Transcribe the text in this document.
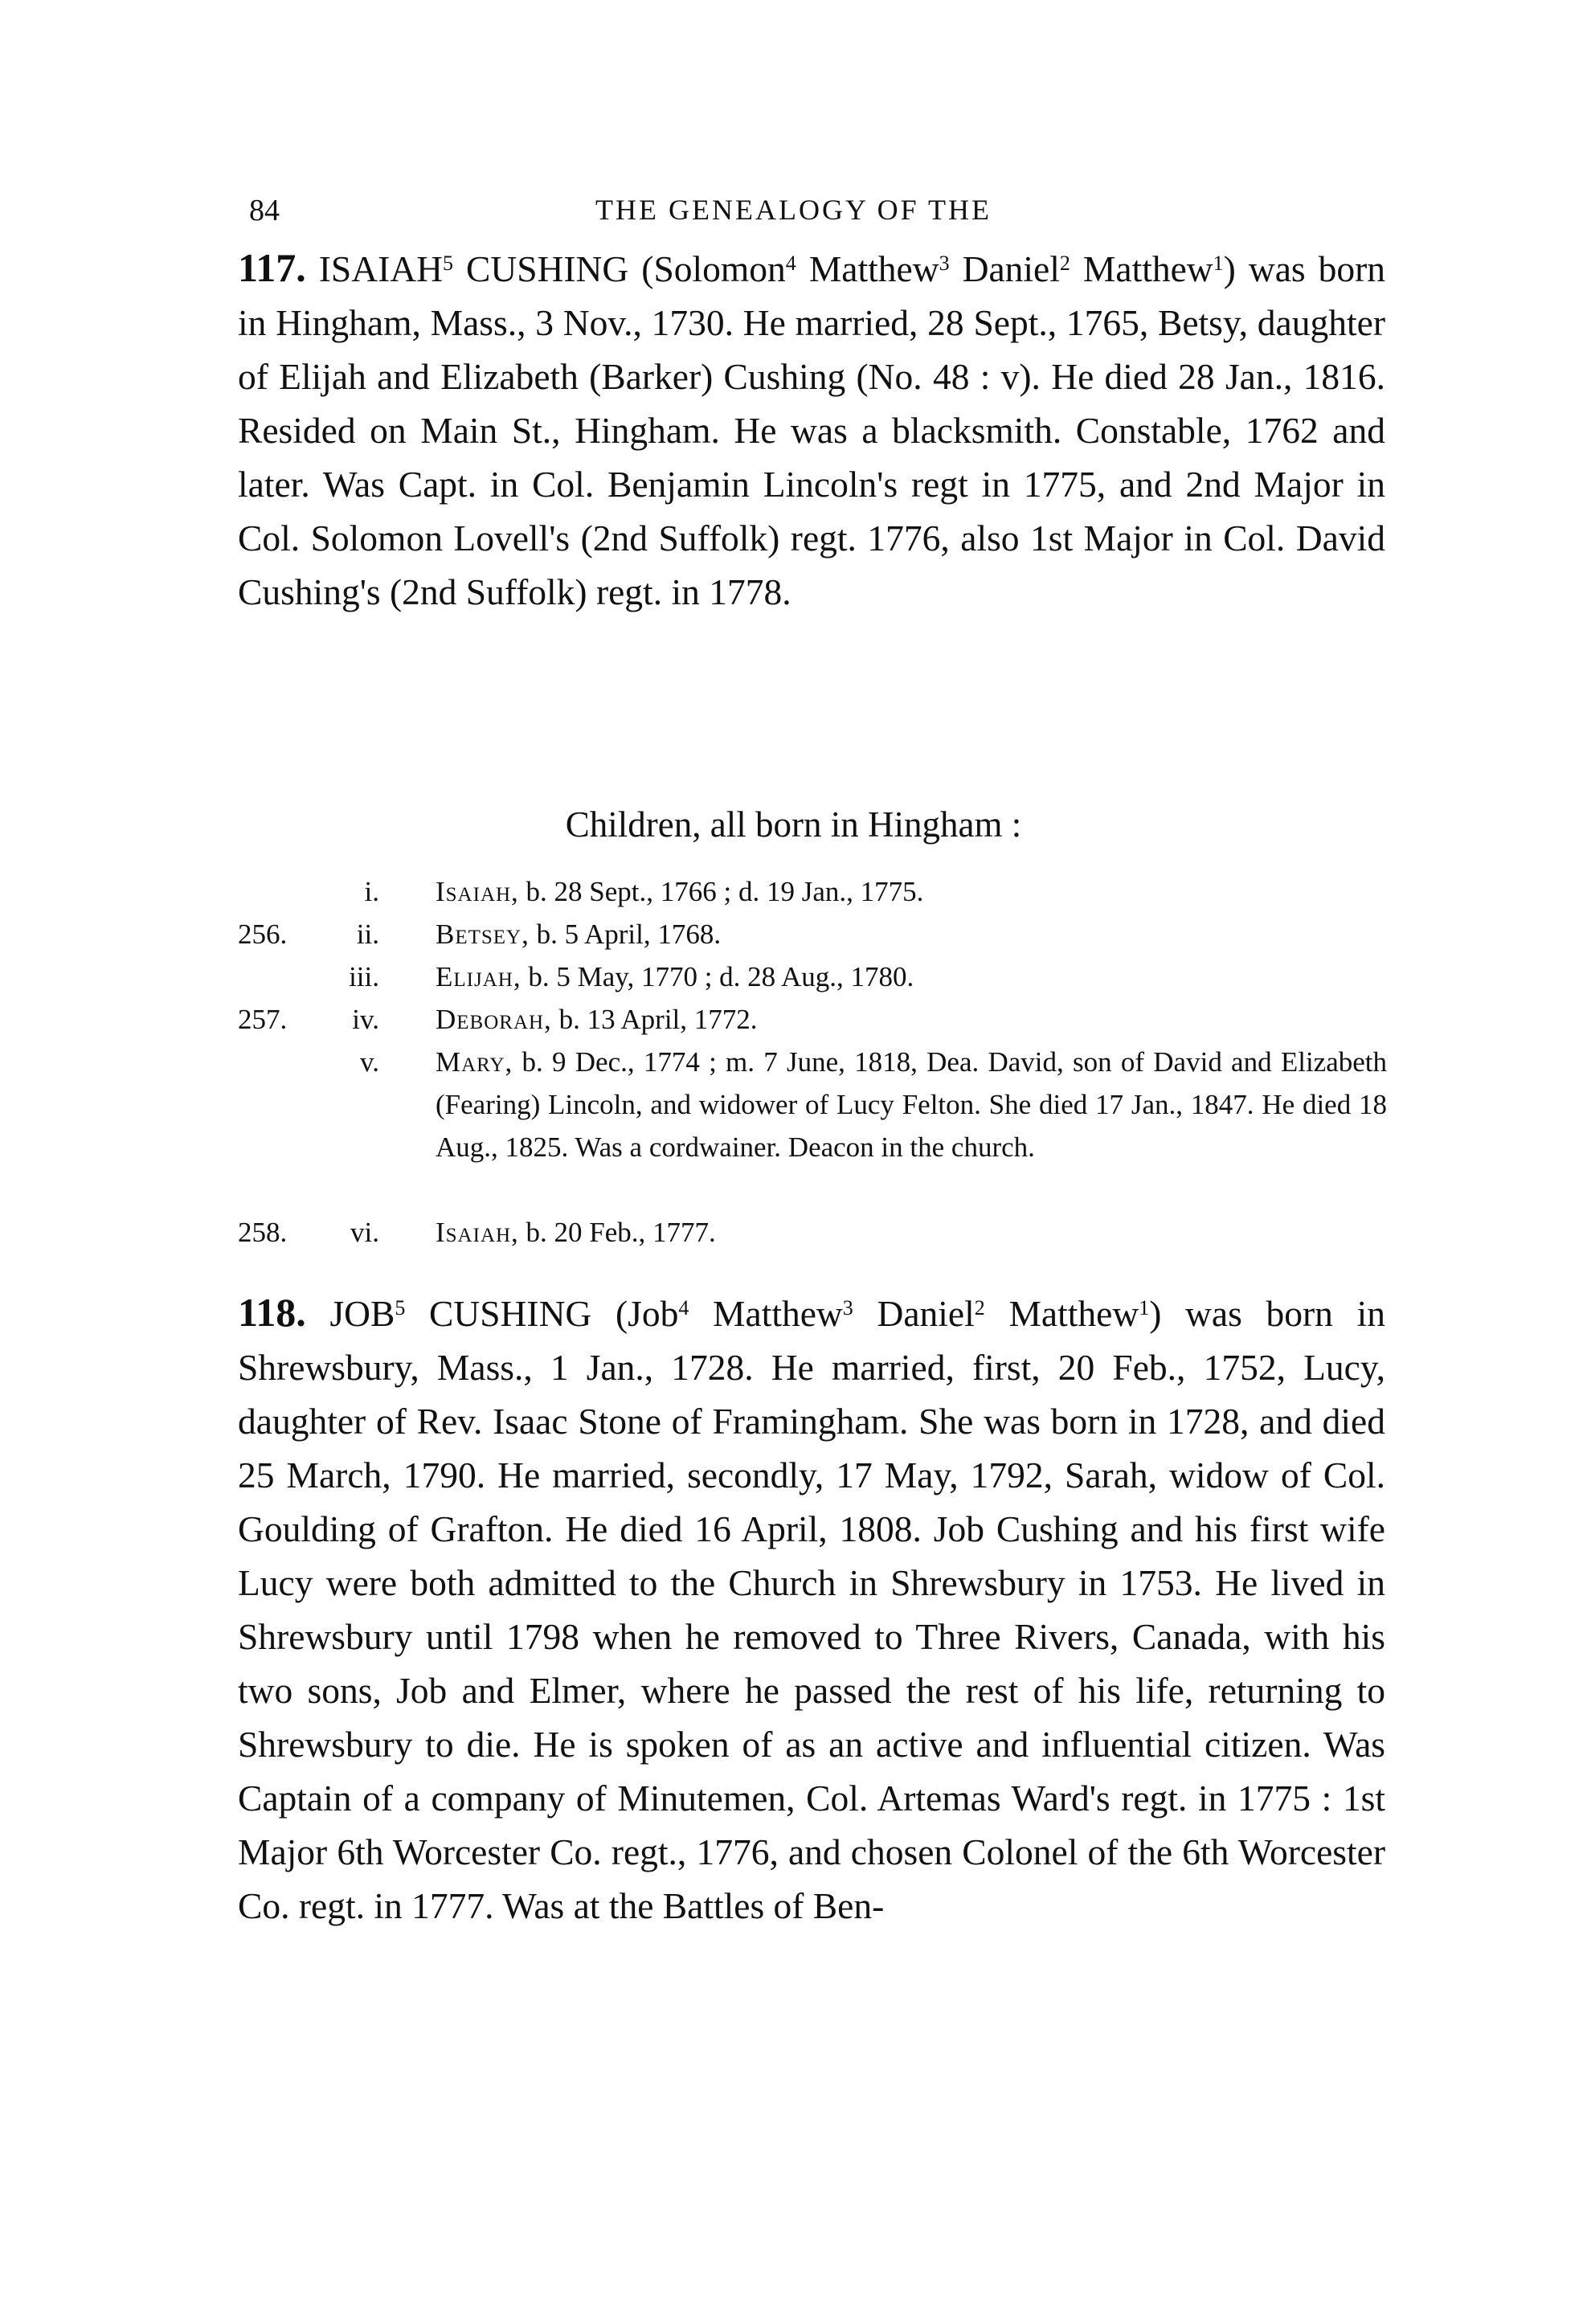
84	THE GENEALOGY OF THE
117. ISAIAH$^5$ CUSHING (Solomon$^4$ Matthew$^3$ Daniel$^2$ Matthew$^1$) was born in Hingham, Mass., 3 Nov., 1730. He married, 28 Sept., 1765, Betsy, daughter of Elijah and Elizabeth (Barker) Cushing (No. 48 : v). He died 28 Jan., 1816. Resided on Main St., Hingham. He was a blacksmith. Constable, 1762 and later. Was Capt. in Col. Benjamin Lincoln's regt in 1775, and 2nd Major in Col. Solomon Lovell's (2nd Suffolk) regt. 1776, also 1st Major in Col. David Cushing's (2nd Suffolk) regt. in 1778.
Children, all born in Hingham :
i. Isaiah, b. 28 Sept., 1766 ; d. 19 Jan., 1775.
256.	ii. Betsey, b. 5 April, 1768.
iii. Elijah, b. 5 May, 1770 ; d. 28 Aug., 1780.
257.	iv. Deborah, b. 13 April, 1772.
v. Mary, b. 9 Dec., 1774 ; m. 7 June, 1818, Dea. David, son of David and Elizabeth (Fearing) Lincoln, and widower of Lucy Felton. She died 17 Jan., 1847. He died 18 Aug., 1825. Was a cordwainer. Deacon in the church.
258.	vi. Isaiah, b. 20 Feb., 1777.
118. JOB$^5$ CUSHING (Job$^4$ Matthew$^3$ Daniel$^2$ Matthew$^1$) was born in Shrewsbury, Mass., 1 Jan., 1728. He married, first, 20 Feb., 1752, Lucy, daughter of Rev. Isaac Stone of Framingham. She was born in 1728, and died 25 March, 1790. He married, secondly, 17 May, 1792, Sarah, widow of Col. Goulding of Grafton. He died 16 April, 1808. Job Cushing and his first wife Lucy were both admitted to the Church in Shrewsbury in 1753. He lived in Shrewsbury until 1798 when he removed to Three Rivers, Canada, with his two sons, Job and Elmer, where he passed the rest of his life, returning to Shrewsbury to die. He is spoken of as an active and influential citizen. Was Captain of a company of Minutemen, Col. Artemas Ward's regt. in 1775 : 1st Major 6th Worcester Co. regt., 1776, and chosen Colonel of the 6th Worcester Co. regt. in 1777. Was at the Battles of Ben-
